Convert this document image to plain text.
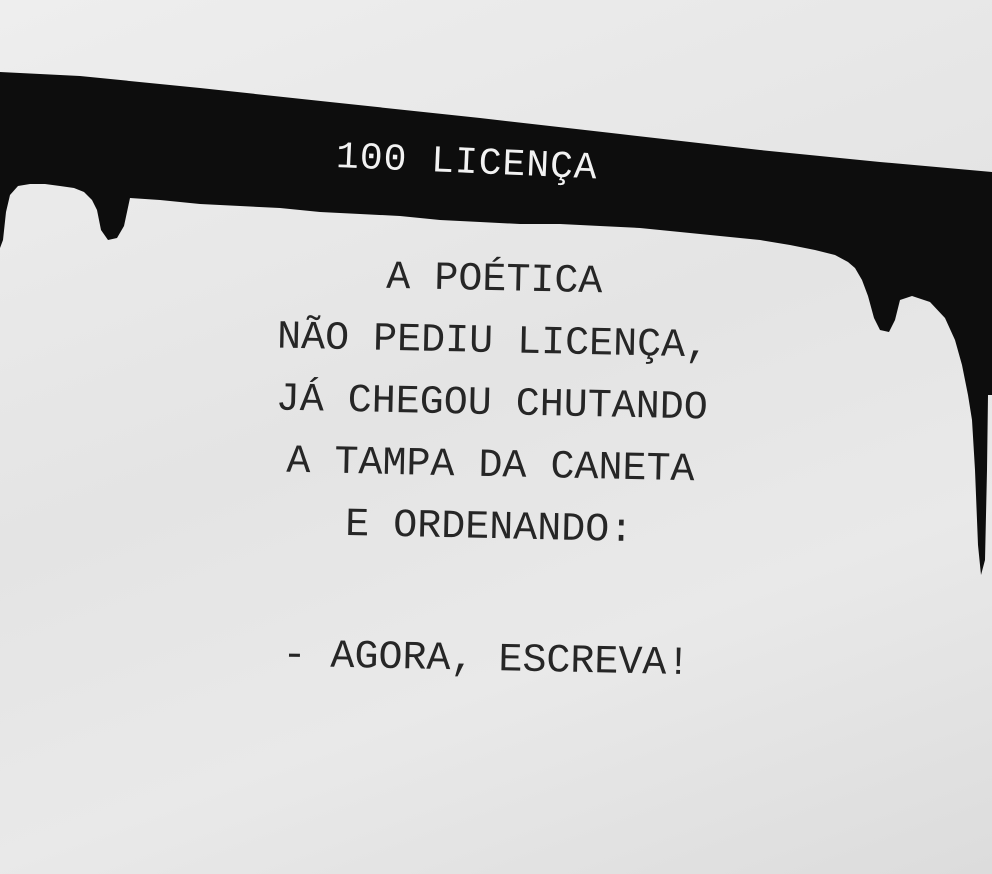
100 LICENÇA
A POÉTICA
NÃO PEDIU LICENÇA,
JÁ CHEGOU CHUTANDO
A TAMPA DA CANETA
E ORDENANDO:
- AGORA, ESCREVA!
